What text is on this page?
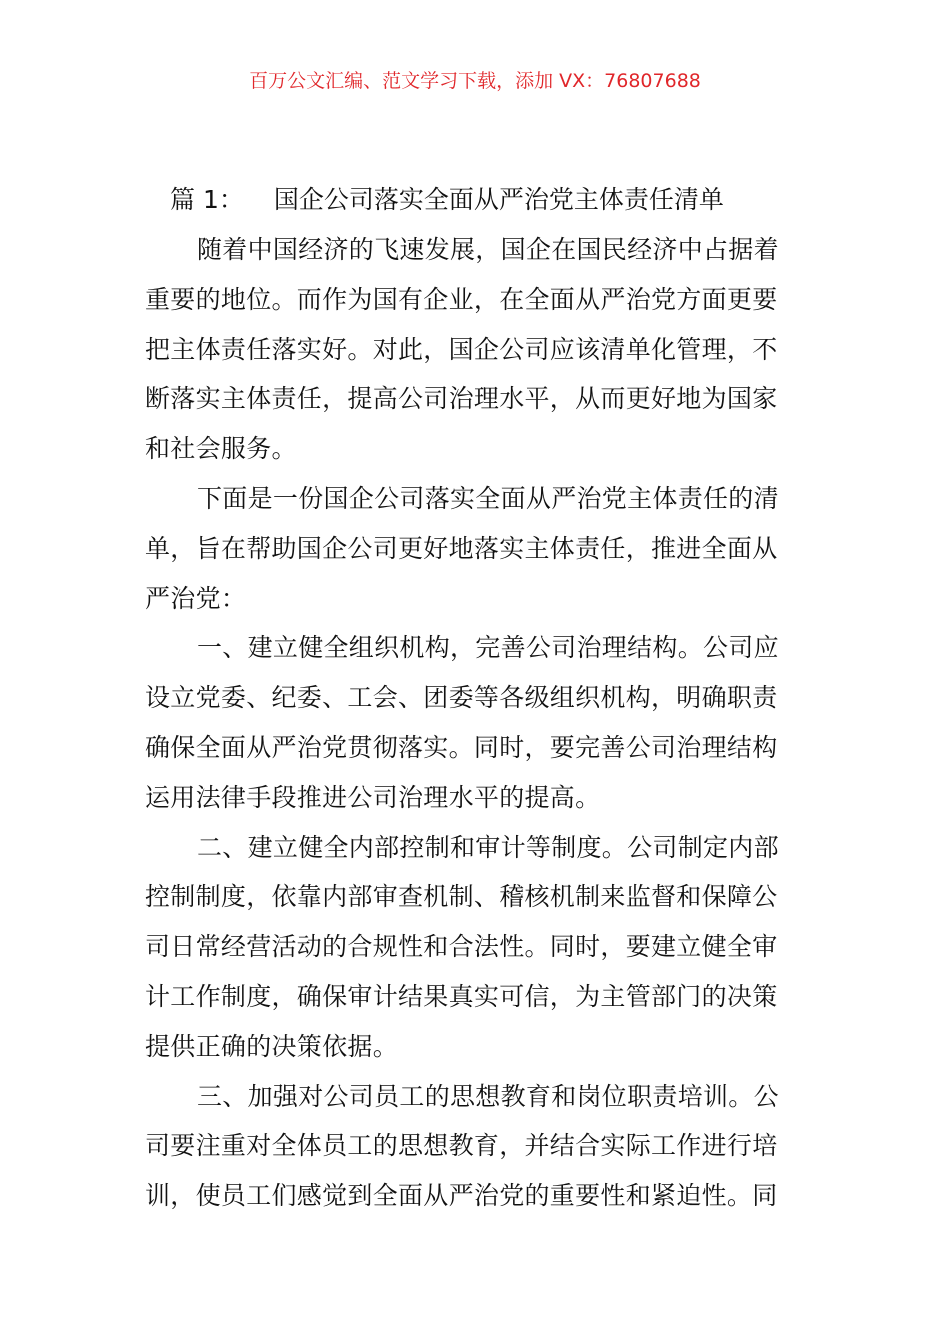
百万公文汇编、范文学习下载，添加 VX：76807688
篇 1： 国企公司落实全面从严治党主体责任清单
随着中国经济的飞速发展，国企在国民经济中占据着
重要的地位。而作为国有企业，在全面从严治党方面更要
把主体责任落实好。对此，国企公司应该清单化管理，不
断落实主体责任，提高公司治理水平，从而更好地为国家
和社会服务。
下面是一份国企公司落实全面从严治党主体责任的清
单，旨在帮助国企公司更好地落实主体责任，推进全面从
严治党：
一、建立健全组织机构，完善公司治理结构。公司应
设立党委、纪委、工会、团委等各级组织机构，明确职责
确保全面从严治党贯彻落实。同时，要完善公司治理结构
运用法律手段推进公司治理水平的提高。
二、建立健全内部控制和审计等制度。公司制定内部
控制制度，依靠内部审查机制、稽核机制来监督和保障公
司日常经营活动的合规性和合法性。同时，要建立健全审
计工作制度，确保审计结果真实可信，为主管部门的决策
提供正确的决策依据。
三、加强对公司员工的思想教育和岗位职责培训。公
司要注重对全体员工的思想教育，并结合实际工作进行培
训，使员工们感觉到全面从严治党的重要性和紧迫性。同
